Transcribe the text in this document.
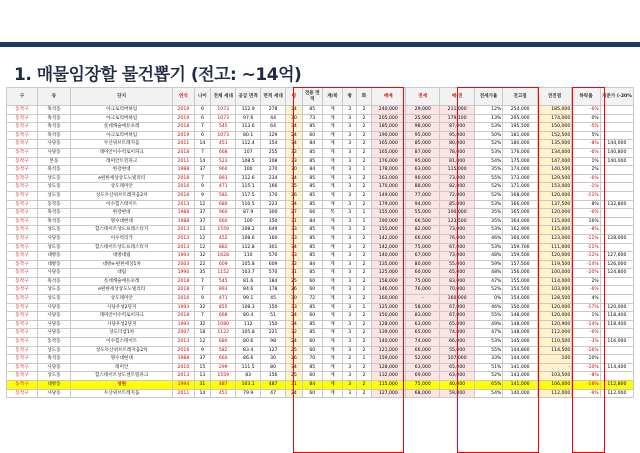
1. 매물임장할 물건뽑기 (전고: ~14억)
구	동	단지	연식	나이	전체 세대	공급 면적	면적 세대	평	전용 면적	계/복	방	화	매매	전세	매-전	전세가율	전고점	전전점	하락률	기준가 (-20%
동작구	흑석동	아크로리버하임	2019	6	1073	112.9	278	34	85	계	3	2	240,000	29,000	211,000	12%	254,000	185,000	-6%	
동작구	흑석동	아크로리버하임	2019	6	1073	97.6	44	30	73	계	3	2	205,000	25,900	179,100	13%	205,000	174,000	0%	
동작구	흑석동	롯데캐슬에듀포레	2018	7	545	113.6	64	34	85	계	3	2	185,000	98,000	87,000	53%	195,500	150,000	-5%	
동작구	흑석동	아크로리버하임	2019	6	1073	80.1	129	24	60	계	3	2	190,000	95,000	95,000	50%	181,000	152,500	5%	
동작구	사당동	두산위브트레지움	2011	14	451	112.4	154	34	84	계	3	2	165,000	85,000	80,000	52%	180,000	135,000	-8%	144,000
동작구	사당동	래미안이수역로이파크	2018	7	668	107	255	32	85	계	3	2	165,000	87,000	78,000	53%	176,000	134,000	-6%	140,800
동작구	본동	래미안트윈파크	2011	14	523	108.5	108	33	85	계	3	2	176,000	95,000	81,000	54%	175,000	147,000	1%	140,000
동작구	흑석동	한강현대	1988	37	960	100	270	30	84	계	3	1	178,000	63,000	115,000	35%	174,000	140,500	2%	
동작구	상도동	e편한세상상도노빌리티	2018	7	893	112.6	234	34	85	계	3	2	163,000	90,000	73,000	55%	173,000	129,500	-6%	
동작구	상도동	상도래미안	2016	9	471	115.1	166	35	85	계	3	2	170,000	88,000	82,000	52%	171,000	153,000	-1%	
동작구	상도동	상도두산위브트레지움2차	2016	9	582	117.5	170	36	85	계	3	2	149,000	77,000	72,000	52%	168,000	120,000	-11%	
동작구	동작동	이수힐스테이트	2013	12	680	110.5	223	34	85	계	3	2	179,000	94,000	85,000	53%	166,000	137,500	8%	132,800
동작구	흑석동	한강현대	1988	37	960	87.9	300	27	66	복	3	1	155,000	55,000	100,000	35%	165,000	120,000	-6%	
동작구	흑석동	명수대현대	1988	37	660	100	150	31	84	계	3	1	190,000	66,500	123,500	35%	164,000	115,000	16%	
동작구	상도동	힐스테이트상도프레스티지	2013	13	1559	108.2	649	33	85	계	3	2	155,000	82,000	73,000	53%	162,900	115,000	-8%	
동작구	사당동	이수역리가	2013	12	452	108.6	160	33	85	계	3	2	142,000	66,000	76,000	46%	160,000	123,000	-11%	128,000
동작구	상도동	힐스테이트상도프레스티지	2013	12	882	112.8	301	34	85	계	3	2	142,000	75,000	67,000	53%	159,700	111,000	-11%	
동작구	대방동	대방대림	1993	32	1628	110	570	33	85	계	3	2	140,000	67,000	73,000	48%	159,500	120,000	-12%	127,600
동작구	대방동	대방e-편한세상1차	2003	22	609	105.8	609	32	84	계	3	2	135,000	80,000	55,000	59%	157,500	119,500	-14%	126,000
동작구	사당동	대림	1990	35	1152	103.7	570	31	85	계	3	2	125,000	60,000	65,000	48%	156,000	100,000	-20%	124,800
동작구	흑석동	롯데캐슬에듀포레	2018	7	545	81.6	184	25	60	계	3	2	158,000	75,000	83,000	47%	155,000	114,000	2%	
동작구	상도동	e편한세상상도노빌리티	2018	7	893	84.6	178	26	60	계	3	2	146,000	76,000	70,000	52%	154,500	103,000	-6%	
동작구	상도동	상도래미안	2016	9	471	99.1	45	30	72	계	3	2	160,000	-	160,000	0%	154,000	128,500	4%	
동작구	사당동	사당우성2단지	1993	32	855	108.3	150	33	85	계	3	1	125,000	58,000	67,000	46%	150,000	120,000	-17%	120,000
동작구	사당동	래미안이수역로이파크	2018	7	668	80.4	51	24	60	계	3	2	150,000	83,000	67,000	55%	148,000	120,000	1%	118,400
동작구	사당동	사당우성2단지	1993	32	1080	112	150	34	85	계	3	2	128,000	63,000	65,000	49%	148,000	120,900	-14%	118,400
동작구	사당동	상도더샵1차	2007	18	1122	105.8	221	32	85	계	3	2	139,000	65,000	74,000	47%	148,000	112,000	-6%	
동작구	동작동	이수힐스테이트	2013	12	680	80.6	98	24	60	계	3	2	140,000	74,000	66,000	53%	145,000	110,500	-3%	116,000
동작구	상도동	상도두산위브트레지움2차	2016	9	582	83.4	127	25	60	계	3	2	121,000	66,000	55,000	55%	144,800	114,500	-16%	
동작구	흑석동	명수대현대	1988	37	660	86.6	30	26	70	계	2	1	159,000	52,000	107,000	33%	144,000	100	10%	
동작구	사당동	래미안	2010	15	299	111.5	80	34	85	계	3	2	128,000	63,000	65,000	51%	141,000	-	-10%	114,400
동작구	상도동	힐스테이트상도센트럴파크	2013	13	1559	83	156	25	60	계	3	2	132,000	69,000	63,000	52%	143,000	103,500	-8%	
동작구	대방동	성원	1994	31	487	103.1	487	31	84	계	3	2	115,000	75,000	40,000	65%	141,000	106,000	-18%	112,800
동작구	사당동	두산위브트레지움	2011	14	451	79.9	47	24	60	계	3	2	127,000	68,000	59,000	54%	140,000	112,000	-9%	112,000
